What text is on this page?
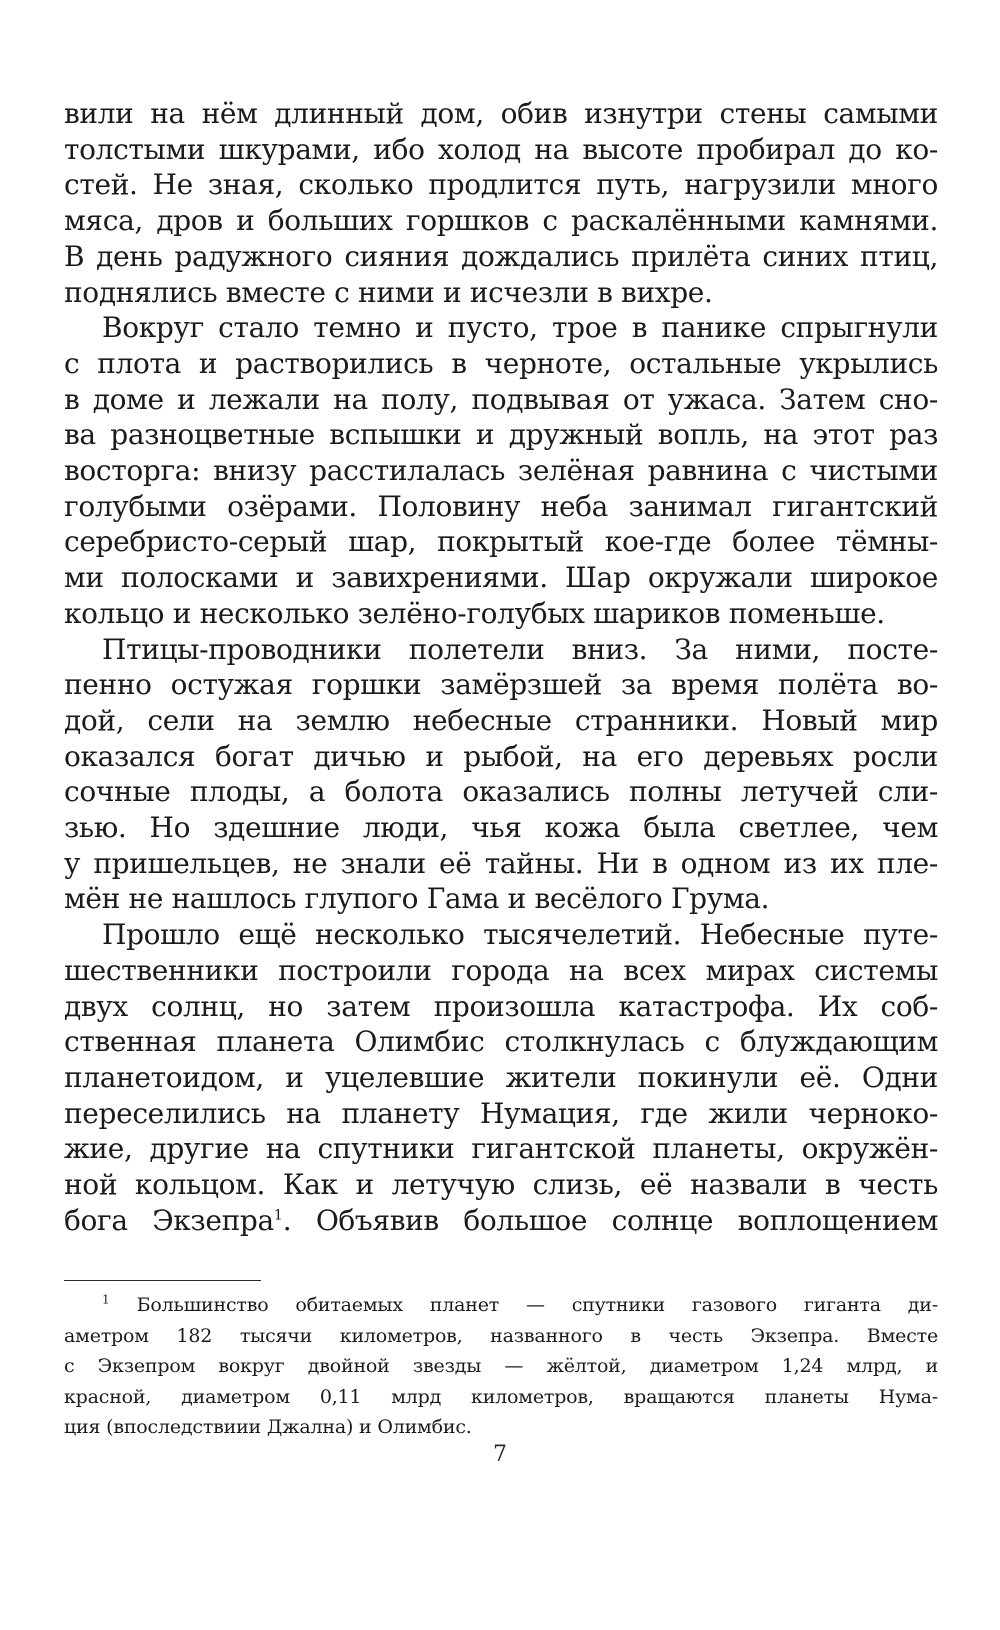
вили на нём длинный дом, обив изнутри стены самыми
толстыми шкурами, ибо холод на высоте пробирал до ко-
стей. Не зная, сколько продлится путь, нагрузили много
мяса, дров и больших горшков с раскалёнными камнями.
В день радужного сияния дождались прилёта синих птиц,
поднялись вместе с ними и исчезли в вихре.
Вокруг стало темно и пусто, трое в панике спрыгнули
с плота и растворились в черноте, остальные укрылись
в доме и лежали на полу, подвывая от ужаса. Затем сно-
ва разноцветные вспышки и дружный вопль, на этот раз
восторга: внизу расстилалась зелёная равнина с чистыми
голубыми озёрами. Половину неба занимал гигантский
серебристо-серый шар, покрытый кое-где более тёмны-
ми полосками и завихрениями. Шар окружали широкое
кольцо и несколько зелёно-голубых шариков поменьше.
Птицы-проводники полетели вниз. За ними, посте-
пенно остужая горшки замёрзшей за время полёта во-
дой, сели на землю небесные странники. Новый мир
оказался богат дичью и рыбой, на его деревьях росли
сочные плоды, а болота оказались полны летучей сли-
зью. Но здешние люди, чья кожа была светлее, чем
у пришельцев, не знали её тайны. Ни в одном из их пле-
мён не нашлось глупого Гама и весёлого Грума.
Прошло ещё несколько тысячелетий. Небесные путе-
шественники построили города на всех мирах системы
двух солнц, но затем произошла катастрофа. Их соб-
ственная планета Олимбис столкнулась с блуждающим
планетоидом, и уцелевшие жители покинули её. Одни
переселились на планету Нумация, где жили черноко-
жие, другие на спутники гигантской планеты, окружён-
ной кольцом. Как и летучую слизь, её назвали в честь
бога Экзепра$^1$. Объявив большое солнце воплощением
$^1$ Большинство обитаемых планет — спутники газового гиганта ди-
аметром 182 тысячи километров, названного в честь Экзепра. Вместе
с Экзепром вокруг двойной звезды — жёлтой, диаметром 1,24 млрд, и
красной, диаметром 0,11 млрд километров, вращаются планеты Нума-
ция (впоследствиии Джална) и Олимбис.
7
